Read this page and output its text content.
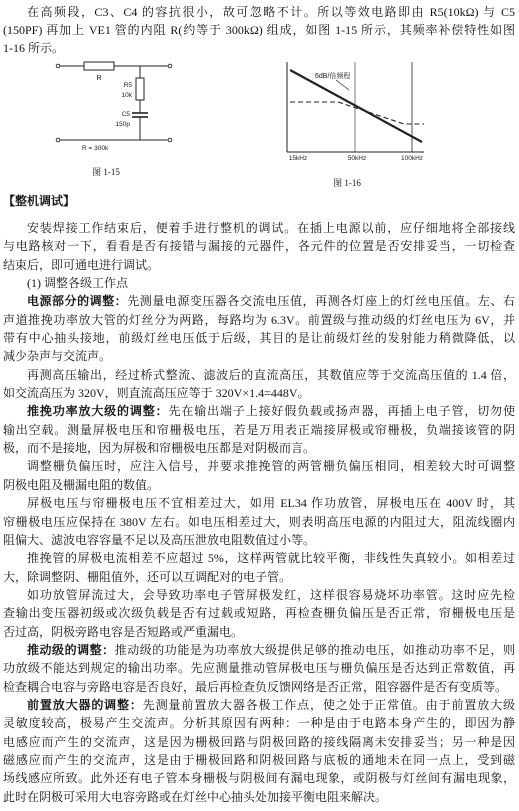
在高频段，C3、C4 的容抗很小，故可忽略不计。所以等效电路即由 R5(10kΩ) 与 C5
(150PF) 再加上 VE1 管的内阻 R(约等于 300kΩ) 组成，如图 1-15 所示，其频率补偿特性如图
1-16 所示。
R
R5
10k
C5
150p
R = 300k
图 1-15
6dB/倍频程
15kHz	50kHz	100kHz
图 1-16
【整机调试】
安装焊接工作结束后，便着手进行整机的调试。在插上电源以前，应仔细地将全部接线
与电路核对一下，看看是否有接错与漏接的元器件，各元件的位置是否安排妥当，一切检查
结束后，即可通电进行调试。
(1) 调整各级工作点
电源部分的调整：先测量电源变压器各交流电压值，再测各灯座上的灯丝电压值。左、右
声道推挽功率放大管的灯丝分为两路，每路均为 6.3V。前置级与推动级的灯丝电压为 6V，并
带有中心抽头接地，前级灯丝电压低于后级，其目的是让前级灯丝的发射能力稍微降低，以
减少杂声与交流声。
再测高压输出，经过桥式整流、滤波后的直流高压，其数值应等于交流高压值的 1.4 倍，
如交流高压为 320V，则直流高压应等于 320V×1.4=448V。
推挽功率放大级的调整：先在输出端子上接好假负载或扬声器，再插上电子管，切勿使
输出空载。测量屏极电压和帘栅极电压，若是万用表正端接屏极或帘栅极，负端接该管的阴
极，而不是接地，因为屏极和帘栅极电压都是对阴极而言。
调整栅负偏压时，应注入信号，并要求推挽管的两管栅负偏压相同，相差较大时可调整
阴极电阻及栅漏电阻的数值。
屏极电压与帘栅极电压不宜相差过大，如用 EL34 作功放管，屏极电压在 400V 时，其
帘栅极电压应保持在 380V 左右。如电压相差过大，则表明高压电源的内阻过大，阻流线圈内
阻偏大、滤波电容容量不足以及高压泄放电阻数值过小等。
推挽管的屏极电流相差不应超过 5%，这样两管就比较平衡，非线性失真较小。如相差过
大，除调整阴、栅阻值外，还可以互调配对的电子管。
如功放管屏流过大，会导致功率电子管屏极发红，这样很容易烧坏功率管。这时应先检
查输出变压器初级或次级负载是否有过载或短路，再检查栅负偏压是否正常，帘栅极电压是
否过高，阴极旁路电容是否短路或严重漏电。
推动级的调整：推动级的功能是为功率放大级提供足够的推动电压，如推动功率不足，则
功放级不能达到规定的输出功率。先应测量推动管屏极电压与栅负偏压是否达到正常数值，再
检查耦合电容与旁路电容是否良好，最后再检查负反馈网络是否正常，阻容器件是否有变质等。
前置放大器的调整：先测量前置放大器各极工作点，使之处于正常值。由于前置放大级
灵敏度较高，极易产生交流声。分析其原因有两种：一种是由于电路本身产生的，即因为静
电感应而产生的交流声，这是因为栅极回路与阴极回路的接线隔离未安排妥当；另一种是因
磁感应而产生的交流声，这是由于栅极回路和阴极回路与底板的通地未在同一点上，受到磁
场线感应所致。此外还有电子管本身栅极与阴极间有漏电现象，或阴极与灯丝间有漏电现象，
此时在阴极可采用大电容旁路或在灯丝中心抽头处加接平衡电阻来解决。
